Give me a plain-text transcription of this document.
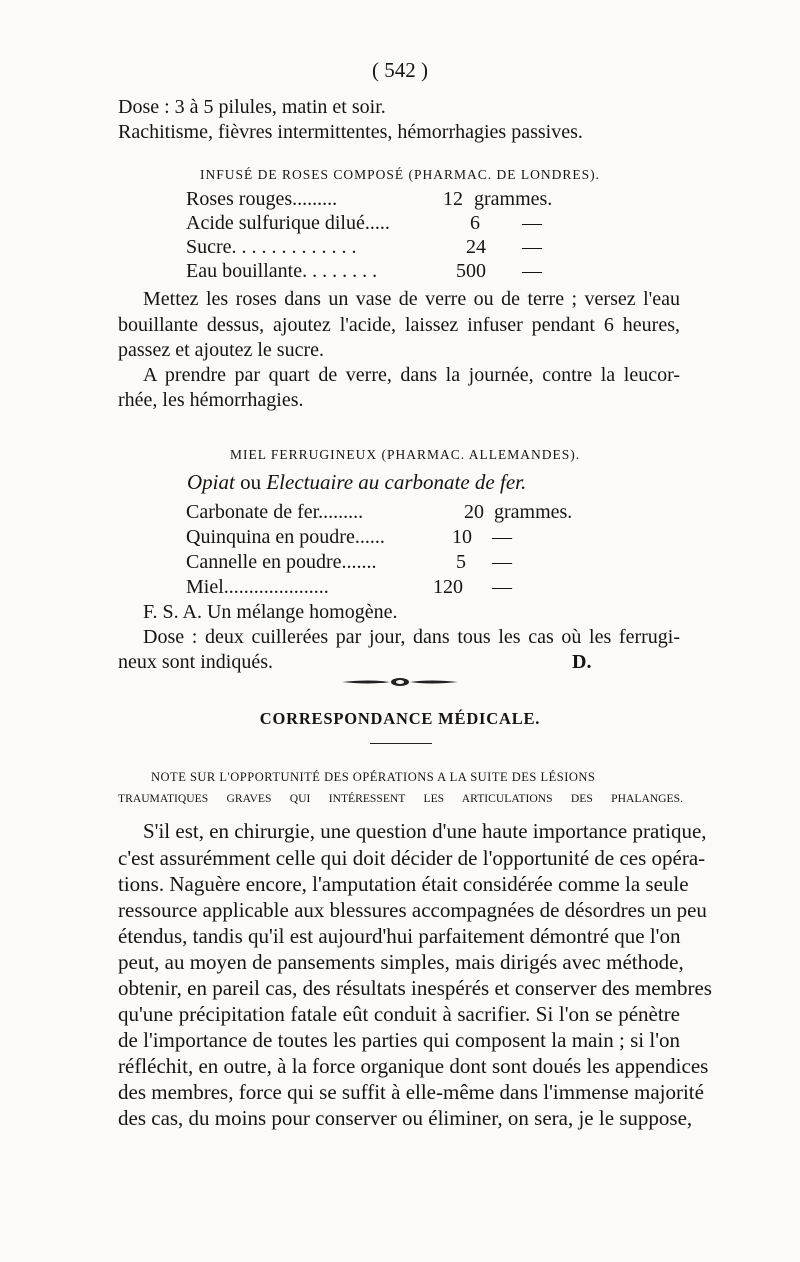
( 542 )
Dose : 3 à 5 pilules, matin et soir.
Rachitisme, fièvres intermittentes, hémorrhagies passives.
INFUSÉ DE ROSES COMPOSÉ (PHARMAC. DE LONDRES).
Roses rouges.........	12 grammes.
Acide sulfurique dilué.....	6 —
Sucre. . . . . . . . . . . . .	24 —
Eau bouillante. . . . . . . .	500 —
Mettez les roses dans un vase de verre ou de terre ; versez l'eau
bouillante dessus, ajoutez l'acide, laissez infuser pendant 6 heures,
passez et ajoutez le sucre.
A prendre par quart de verre, dans la journée, contre la leucor-
rhée, les hémorrhagies.
MIEL FERRUGINEUX (PHARMAC. ALLEMANDES).
Opiat ou Electuaire au carbonate de fer.
Carbonate de fer.........	20 grammes.
Quinquina en poudre......	10 —
Cannelle en poudre.......	5 —
Miel.....................	120 —
F. S. A. Un mélange homogène.
Dose : deux cuillerées par jour, dans tous les cas où les ferrugi-
neux sont indiqués.	D.
CORRESPONDANCE MÉDICALE.
NOTE SUR L'OPPORTUNITÉ DES OPÉRATIONS A LA SUITE DES LÉSIONS
TRAUMATIQUES GRAVES QUI INTÉRESSENT LES ARTICULATIONS DES PHALANGES.
S'il est, en chirurgie, une question d'une haute importance pratique,
c'est assurémment celle qui doit décider de l'opportunité de ces opéra-
tions. Naguère encore, l'amputation était considérée comme la seule
ressource applicable aux blessures accompagnées de désordres un peu
étendus, tandis qu'il est aujourd'hui parfaitement démontré que l'on
peut, au moyen de pansements simples, mais dirigés avec méthode,
obtenir, en pareil cas, des résultats inespérés et conserver des membres
qu'une précipitation fatale eût conduit à sacrifier. Si l'on se pénètre
de l'importance de toutes les parties qui composent la main ; si l'on
réfléchit, en outre, à la force organique dont sont doués les appendices
des membres, force qui se suffit à elle-même dans l'immense majorité
des cas, du moins pour conserver ou éliminer, on sera, je le suppose,
